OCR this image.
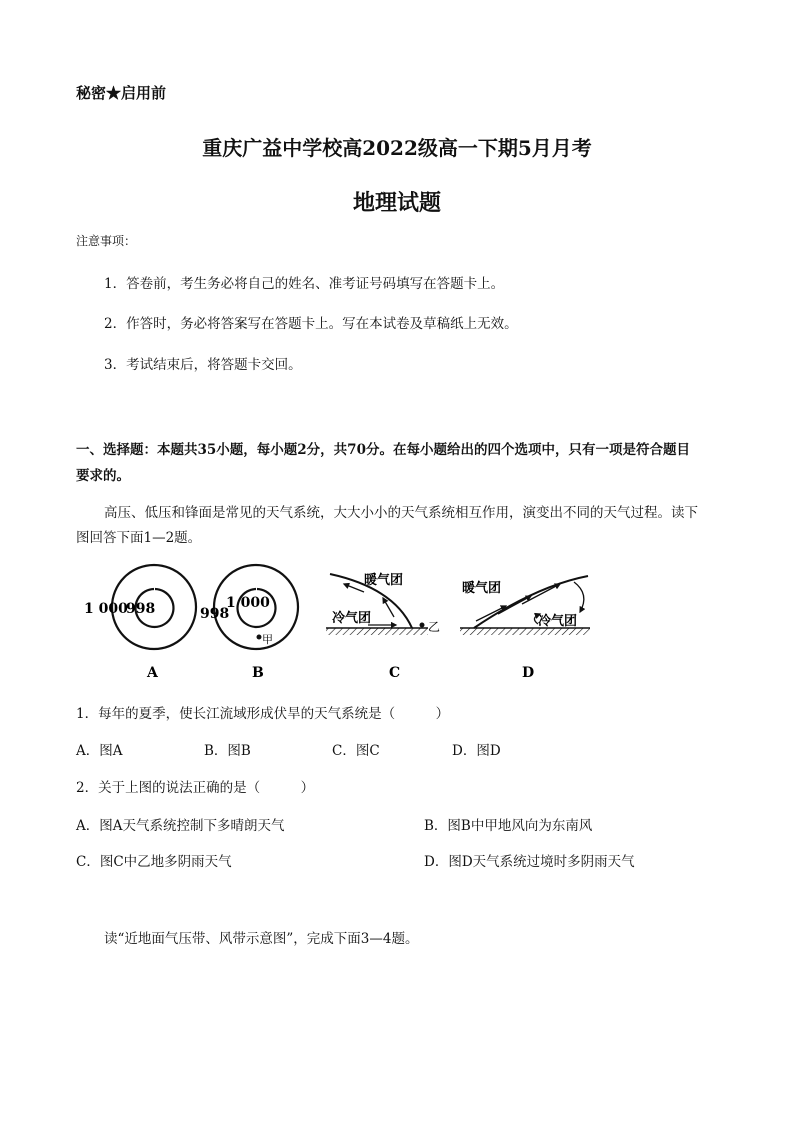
秘密★启用前
重庆广益中学校高2022级高一下期5月月考
地理试题
注意事项：
1．答卷前，考生务必将自己的姓名、准考证号码填写在答题卡上。
2．作答时，务必将答案写在答题卡上。写在本试卷及草稿纸上无效。
3．考试结束后，将答题卡交回。
一、选择题：本题共35小题，每小题2分，共70分。在每小题给出的四个选项中，只有一项是符合题目
要求的。
高压、低压和锋面是常见的天气系统，大大小小的天气系统相互作用，演变出不同的天气过程。读下
图回答下面1—2题。
1 000
998
A
998
1 000
甲
B
暖气团
冷气团
乙
C
暖气团
冷气团
D
1．每年的夏季，使长江流域形成伏旱的天气系统是（　　　）
A．图A	B．图B	C．图C	D．图D
2．关于上图的说法正确的是（　　　）
A．图A天气系统控制下多晴朗天气	B．图B中甲地风向为东南风
C．图C中乙地多阴雨天气	D．图D天气系统过境时多阴雨天气
读“近地面气压带、风带示意图”，完成下面3—4题。
